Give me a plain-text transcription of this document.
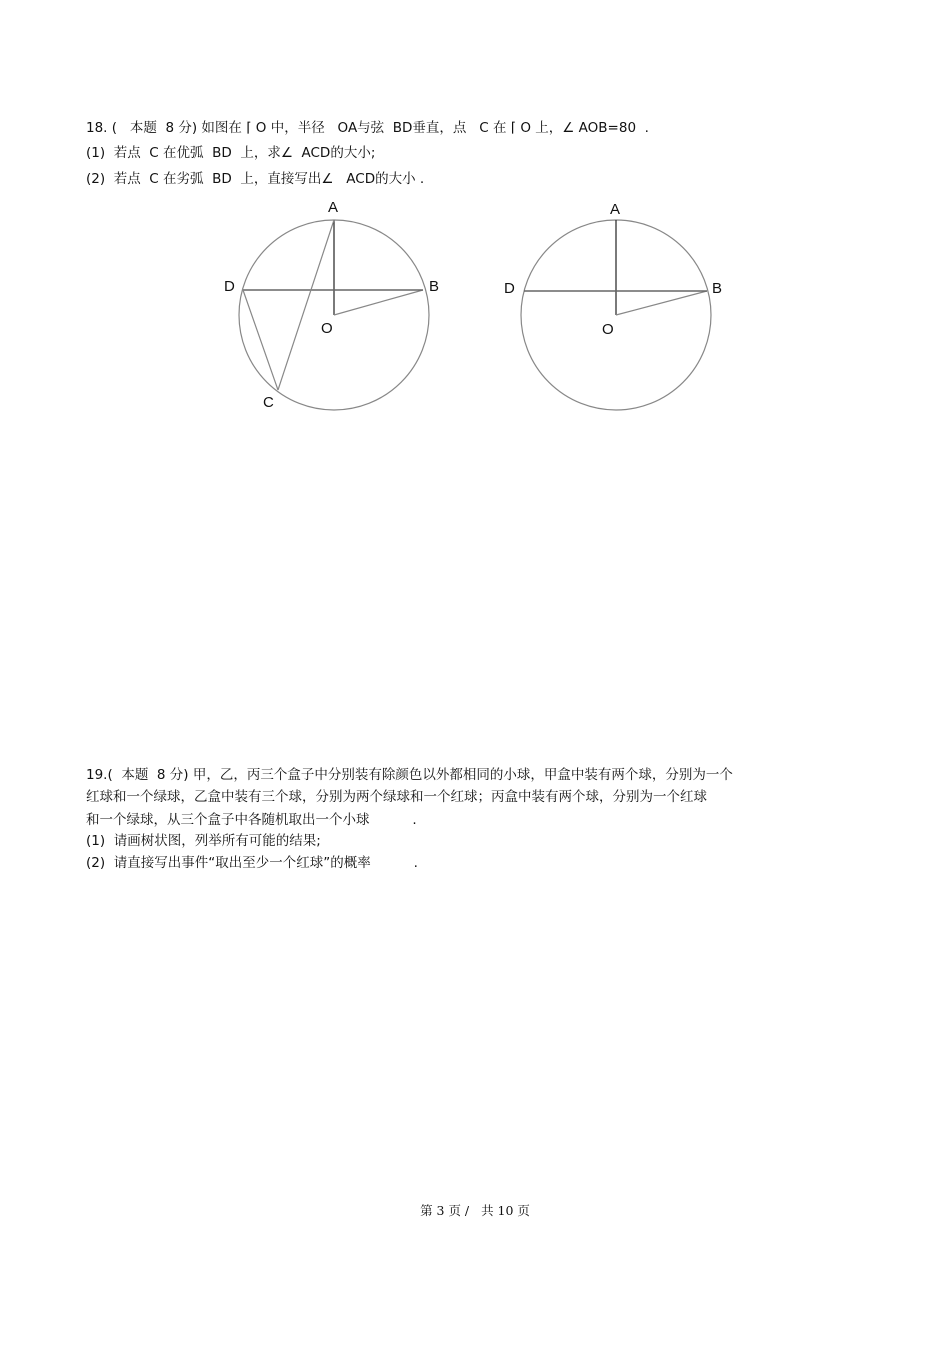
18. (   本题  8 分) 如图在 ⌈ O 中，半径   OA与弦  BD垂直，点   C 在 ⌈ O 上，∠ AOB=80  .
(1)  若点  C 在优弧  BD  上，求∠  ACD的大小;
(2)  若点  C 在劣弧  BD  上，直接写出∠   ACD的大小 .
A
B
D
O
C
A
B
D
O
19.(  本题  8 分) 甲，乙，丙三个盒子中分别装有除颜色以外都相同的小球，甲盒中装有两个球，分别为一个
红球和一个绿球，乙盒中装有三个球，分别为两个绿球和一个红球；丙盒中装有两个球，分别为一个红球
和一个绿球，从三个盒子中各随机取出一个小球          .
(1)  请画树状图，列举所有可能的结果;
(2)  请直接写出事件“取出至少一个红球”的概率          .
第 3 页 /   共 10 页
